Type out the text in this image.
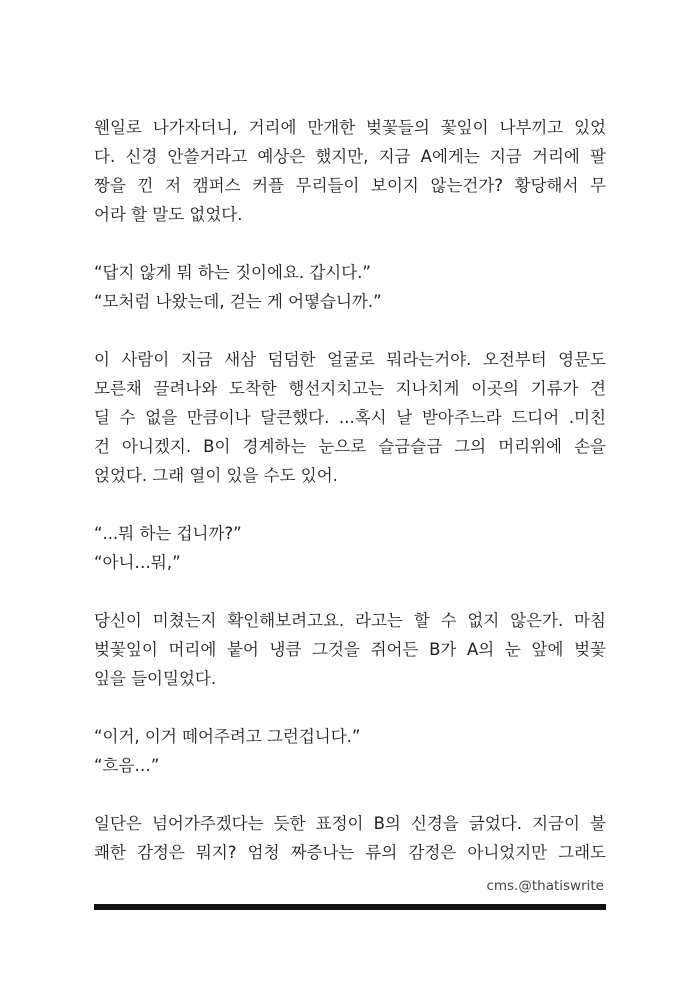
웬일로 나가자더니, 거리에 만개한 벚꽃들의 꽃잎이 나부끼고 있었
다. 신경 안쓸거라고 예상은 했지만, 지금 A에게는 지금 거리에 팔
짱을 낀 저 캠퍼스 커플 무리들이 보이지 않는건가? 황당해서 무
어라 할 말도 없었다.
“답지 않게 뭐 하는 짓이에요. 갑시다.”
“모처럼 나왔는데, 걷는 게 어떻습니까.”
이 사람이 지금 새삼 덤덤한 얼굴로 뭐라는거야. 오전부터 영문도
모른채 끌려나와 도착한 행선지치고는 지나치게 이곳의 기류가 견
딜 수 없을 만큼이나 달큰했다. ...혹시 날 받아주느라 드디어 .미친
건 아니겠지. B이 경계하는 눈으로 슬금슬금 그의 머리위에 손을
얹었다. 그래 열이 있을 수도 있어.
“...뭐 하는 겁니까?”
“아니…뭐,”
당신이 미쳤는지 확인해보려고요. 라고는 할 수 없지 않은가. 마침
벚꽃잎이 머리에 붙어 냉큼 그것을 쥐어든 B가 A의 눈 앞에 벚꽃
잎을 들이밀었다.
“이거, 이거 떼어주려고 그런겁니다.”
“흐음…”
일단은 넘어가주겠다는 듯한 표정이 B의 신경을 긁었다. 지금이 불
쾌한 감정은 뭐지? 엄청 짜증나는 류의 감정은 아니었지만 그래도
cms.@thatiswrite
